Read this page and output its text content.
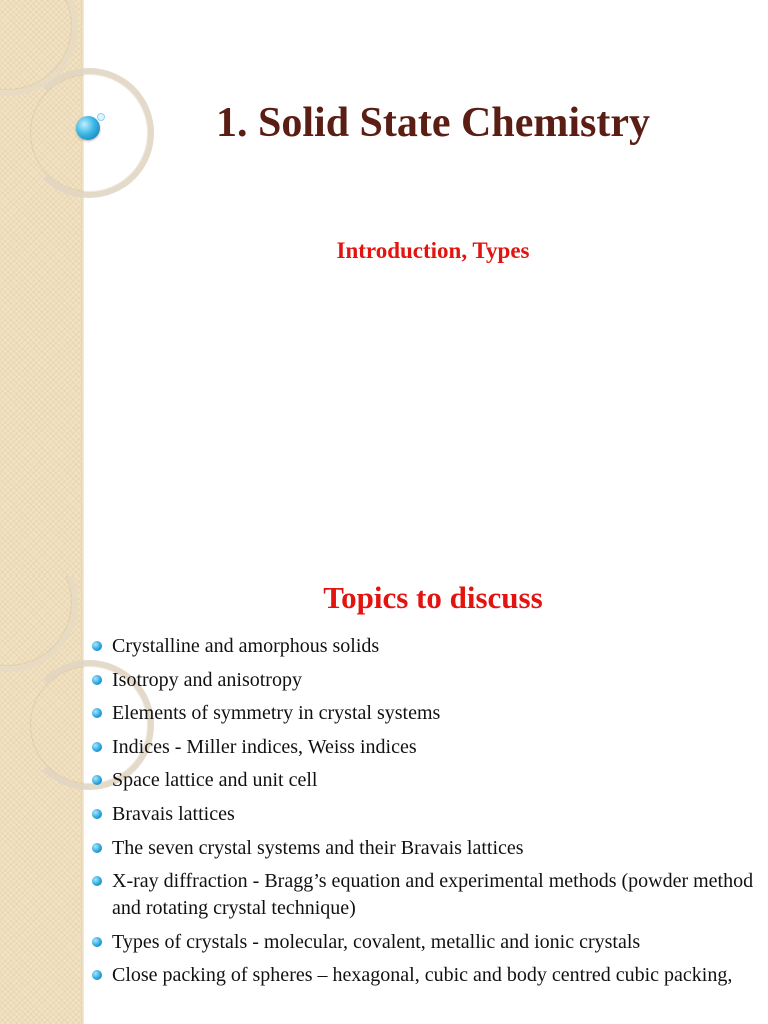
1. Solid State Chemistry
Introduction, Types
Topics to discuss
Crystalline and amorphous solids
Isotropy and anisotropy
Elements of symmetry in crystal systems
Indices - Miller indices, Weiss indices
Space lattice and unit cell
Bravais lattices
The seven crystal systems and their Bravais lattices
X-ray diffraction - Bragg’s equation and experimental methods (powder method and rotating crystal technique)
Types of crystals - molecular, covalent, metallic and ionic crystals
Close packing of spheres – hexagonal, cubic and body centred cubic packing,
